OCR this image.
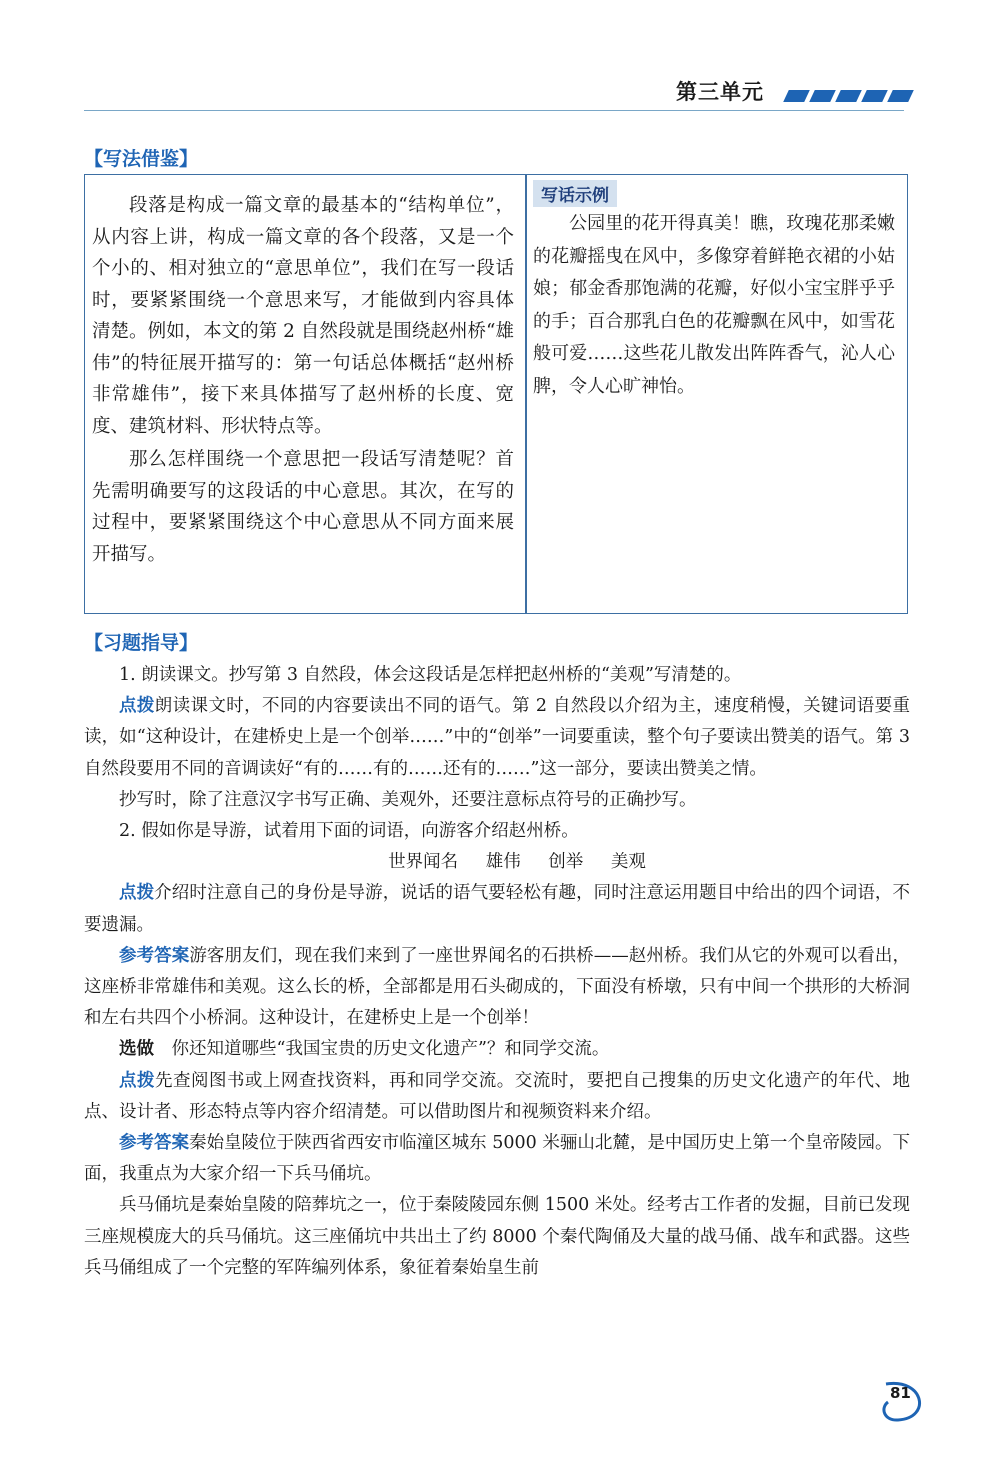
第三单元
【写法借鉴】

段落是构成一篇文章的最基本的“结构单位”，从内容上讲，构成一篇文章的各个段落，又是一个个小的、相对独立的“意思单位”，我们在写一段话时，要紧紧围绕一个意思来写，才能做到内容具体清楚。例如，本文的第 2 自然段就是围绕赵州桥“雄伟”的特征展开描写的：第一句话总体概括“赵州桥非常雄伟”，接下来具体描写了赵州桥的长度、宽度、建筑材料、形状特点等。

那么怎样围绕一个意思把一段话写清楚呢？首先需明确要写的这段话的中心意思。其次，在写的过程中，要紧紧围绕这个中心意思从不同方面来展开描写。

写话示例

公园里的花开得真美！瞧，玫瑰花那柔嫩的花瓣摇曳在风中，多像穿着鲜艳衣裙的小姑娘；郁金香那饱满的花瓣，好似小宝宝胖乎乎的手；百合那乳白色的花瓣飘在风中，如雪花般可爱……这些花儿散发出阵阵香气，沁人心脾，令人心旷神怡。

【习题指导】

1. 朗读课文。抄写第 3 自然段，体会这段话是怎样把赵州桥的“美观”写清楚的。

点拨朗读课文时，不同的内容要读出不同的语气。第 2 自然段以介绍为主，速度稍慢，关键词语要重读，如“这种设计，在建桥史上是一个创举……”中的“创举”一词要重读，整个句子要读出赞美的语气。第 3 自然段要用不同的音调读好“有的……有的……还有的……”这一部分，要读出赞美之情。

抄写时，除了注意汉字书写正确、美观外，还要注意标点符号的正确抄写。

2. 假如你是导游，试着用下面的词语，向游客介绍赵州桥。

世界闻名 雄伟 创举 美观

点拨介绍时注意自己的身份是导游，说话的语气要轻松有趣，同时注意运用题目中给出的四个词语，不要遗漏。

参考答案游客朋友们，现在我们来到了一座世界闻名的石拱桥——赵州桥。我们从它的外观可以看出，这座桥非常雄伟和美观。这么长的桥，全部都是用石头砌成的，下面没有桥墩，只有中间一个拱形的大桥洞和左右共四个小桥洞。这种设计，在建桥史上是一个创举！

选做　 你还知道哪些“我国宝贵的历史文化遗产”？和同学交流。

点拨先查阅图书或上网查找资料，再和同学交流。交流时，要把自己搜集的历史文化遗产的年代、地点、设计者、形态特点等内容介绍清楚。可以借助图片和视频资料来介绍。

参考答案秦始皇陵位于陕西省西安市临潼区城东 5000 米骊山北麓，是中国历史上第一个皇帝陵园。下面，我重点为大家介绍一下兵马俑坑。

兵马俑坑是秦始皇陵的陪葬坑之一，位于秦陵陵园东侧 1500 米处。经考古工作者的发掘，目前已发现三座规模庞大的兵马俑坑。这三座俑坑中共出土了约 8000 个秦代陶俑及大量的战马俑、战车和武器。这些兵马俑组成了一个完整的军阵编列体系，象征着秦始皇生前

81
